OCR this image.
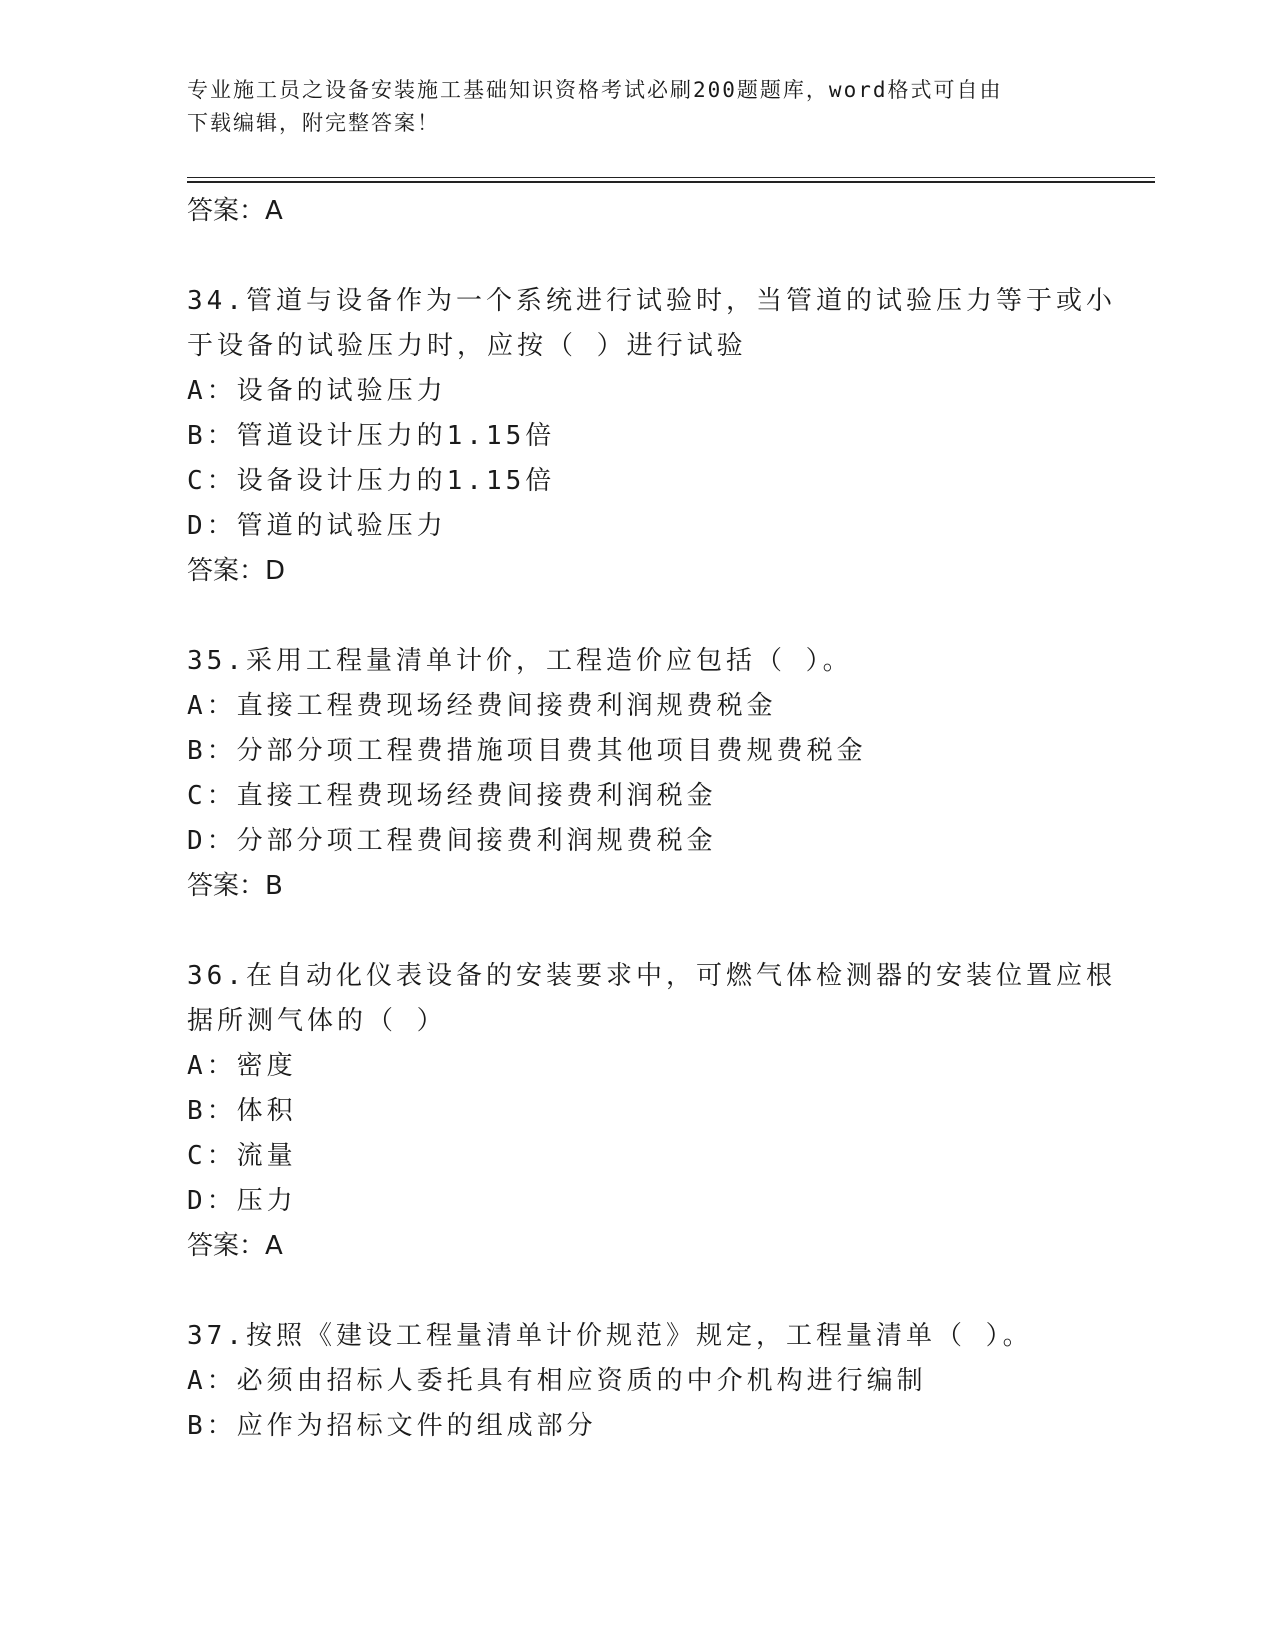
专业施工员之设备安装施工基础知识资格考试必刷200题题库，word格式可自由
下载编辑，附完整答案！
答案：A
34.管道与设备作为一个系统进行试验时，当管道的试验压力等于或小
于设备的试验压力时，应按（ ）进行试验
A：设备的试验压力
B：管道设计压力的1.15倍
C：设备设计压力的1.15倍
D：管道的试验压力
答案：D
35.采用工程量清单计价，工程造价应包括（ ）。
A：直接工程费现场经费间接费利润规费税金
B：分部分项工程费措施项目费其他项目费规费税金
C：直接工程费现场经费间接费利润税金
D：分部分项工程费间接费利润规费税金
答案：B
36.在自动化仪表设备的安装要求中，可燃气体检测器的安装位置应根
据所测气体的（ ）
A：密度
B：体积
C：流量
D：压力
答案：A
37.按照《建设工程量清单计价规范》规定，工程量清单（ ）。
A：必须由招标人委托具有相应资质的中介机构进行编制
B：应作为招标文件的组成部分
